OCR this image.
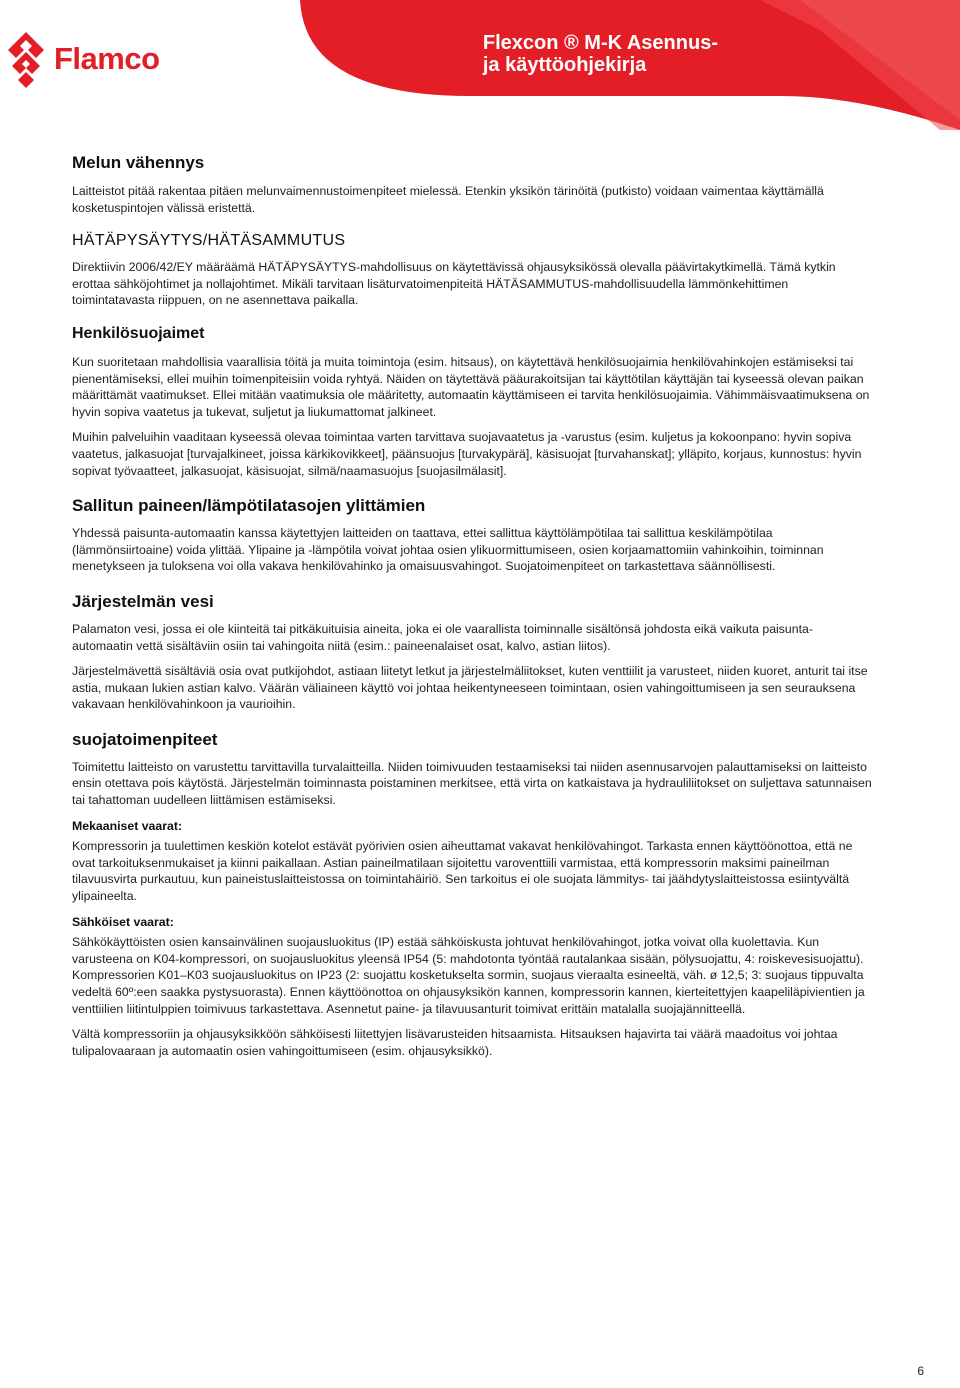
Flamco	Flexcon ® M-K Asennus-
ja käyttöohjekirja
Melun vähennys

Laitteistot pitää rakentaa pitäen melunvaimennustoimenpiteet mielessä. Etenkin yksikön tärinöitä (putkisto) voidaan vaimentaa käyttämällä kosketuspintojen välissä eristettä.

HÄTÄPYSÄYTYS/HÄTÄSAMMUTUS

Direktiivin 2006/42/EY määräämä HÄTÄPYSÄYTYS-mahdollisuus on käytettävissä ohjausyksikössä olevalla päävirtakytkimellä. Tämä kytkin erottaa sähköjohtimet ja nollajohtimet. Mikäli tarvitaan lisäturvatoimenpiteitä HÄTÄSAMMUTUS-mahdollisuudella lämmönkehittimen toimintatavasta riippuen, on ne asennettava paikalla.

Henkilösuojaimet

Kun suoritetaan mahdollisia vaarallisia töitä ja muita toimintoja (esim. hitsaus), on käytettävä henkilösuojaimia henkilövahinkojen estämiseksi tai pienentämiseksi, ellei muihin toimenpiteisiin voida ryhtyä. Näiden on täytettävä pääurakoitsijan tai käyttötilan käyttäjän tai kyseessä olevan paikan määrittämät vaatimukset. Ellei mitään vaatimuksia ole määritetty, automaatin käyttämiseen ei tarvita henkilösuojaimia. Vähimmäisvaatimuksena on hyvin sopiva vaatetus ja tukevat, suljetut ja liukumattomat jalkineet.

Muihin palveluihin vaaditaan kyseessä olevaa toimintaa varten tarvittava suojavaatetus ja -varustus (esim. kuljetus ja kokoonpano: hyvin sopiva vaatetus, jalkasuojat [turvajalkineet, joissa kärkikovikkeet], päänsuojus [turvakypärä], käsisuojat [turvahanskat]; ylläpito, korjaus, kunnostus: hyvin sopivat työvaatteet, jalkasuojat, käsisuojat, silmä/naamasuojus [suojasilmälasit].

Sallitun paineen/lämpötilatasojen ylittämien

Yhdessä paisunta-automaatin kanssa käytettyjen laitteiden on taattava, ettei sallittua käyttölämpötilaa tai sallittua keskilämpötilaa (lämmönsiirtoaine) voida ylittää. Ylipaine ja -lämpötila voivat johtaa osien ylikuormittumiseen, osien korjaamattomiin vahinkoihin, toiminnan menetykseen ja tuloksena voi olla vakava henkilövahinko ja omaisuusvahingot. Suojatoimenpiteet on tarkastettava säännöllisesti.

Järjestelmän vesi

Palamaton vesi, jossa ei ole kiinteitä tai pitkäkuituisia aineita, joka ei ole vaarallista toiminnalle sisältönsä johdosta eikä vaikuta paisunta-automaatin vettä sisältäviin osiin tai vahingoita niitä (esim.: paineenalaiset osat, kalvo, astian liitos).

Järjestelmävettä sisältäviä osia ovat putkijohdot, astiaan liitetyt letkut ja järjestelmäliitokset, kuten venttiilit ja varusteet, niiden kuoret, anturit tai itse astia, mukaan lukien astian kalvo. Väärän väliaineen käyttö voi johtaa heikentyneeseen toimintaan, osien vahingoittumiseen ja sen seurauksena vakavaan henkilövahinkoon ja vaurioihin.

suojatoimenpiteet

Toimitettu laitteisto on varustettu tarvittavilla turvalaitteilla. Niiden toimivuuden testaamiseksi tai niiden asennusarvojen palauttamiseksi on laitteisto ensin otettava pois käytöstä. Järjestelmän toiminnasta poistaminen merkitsee, että virta on katkaistava ja hydrauliliitokset on suljettava satunnaisen tai tahattoman uudelleen liittämisen estämiseksi.

Mekaaniset vaarat:

Kompressorin ja tuulettimen keskiön kotelot estävät pyörivien osien aiheuttamat vakavat henkilövahingot. Tarkasta ennen käyttöönottoa, että ne ovat tarkoituksenmukaiset ja kiinni paikallaan. Astian paineilmatilaan sijoitettu varoventtiili varmistaa, että kompressorin maksimi paineilman tilavuusvirta purkautuu, kun paineistuslaitteistossa on toimintahäiriö. Sen tarkoitus ei ole suojata lämmitys- tai jäähdytyslaitteistossa esiintyvältä ylipaineelta.

Sähköiset vaarat:

Sähkökäyttöisten osien kansainvälinen suojausluokitus (IP) estää sähköiskusta johtuvat henkilövahingot, jotka voivat olla kuolettavia. Kun varusteena on K04-kompressori, on suojausluokitus yleensä IP54 (5: mahdotonta työntää rautalankaa sisään, pölysuojattu, 4: roiskevesisuojattu). Kompressorien K01–K03 suojausluokitus on IP23 (2: suojattu kosketukselta sormin, suojaus vieraalta esineeltä, väh. ø 12,5; 3: suojaus tippuvalta vedeltä 60º:een saakka pystysuorasta). Ennen käyttöönottoa on ohjausyksikön kannen, kompressorin kannen, kierteitettyjen kaapeliläpivientien ja venttiilien liitintulppien toimivuus tarkastettava. Asennetut paine- ja tilavuusanturit toimivat erittäin matalalla suojajännitteellä.

Vältä kompressoriin ja ohjausyksikköön sähköisesti liitettyjen lisävarusteiden hitsaamista. Hitsauksen hajavirta tai väärä maadoitus voi johtaa tulipalovaaraan ja automaatin osien vahingoittumiseen (esim. ohjausyksikkö).

6
